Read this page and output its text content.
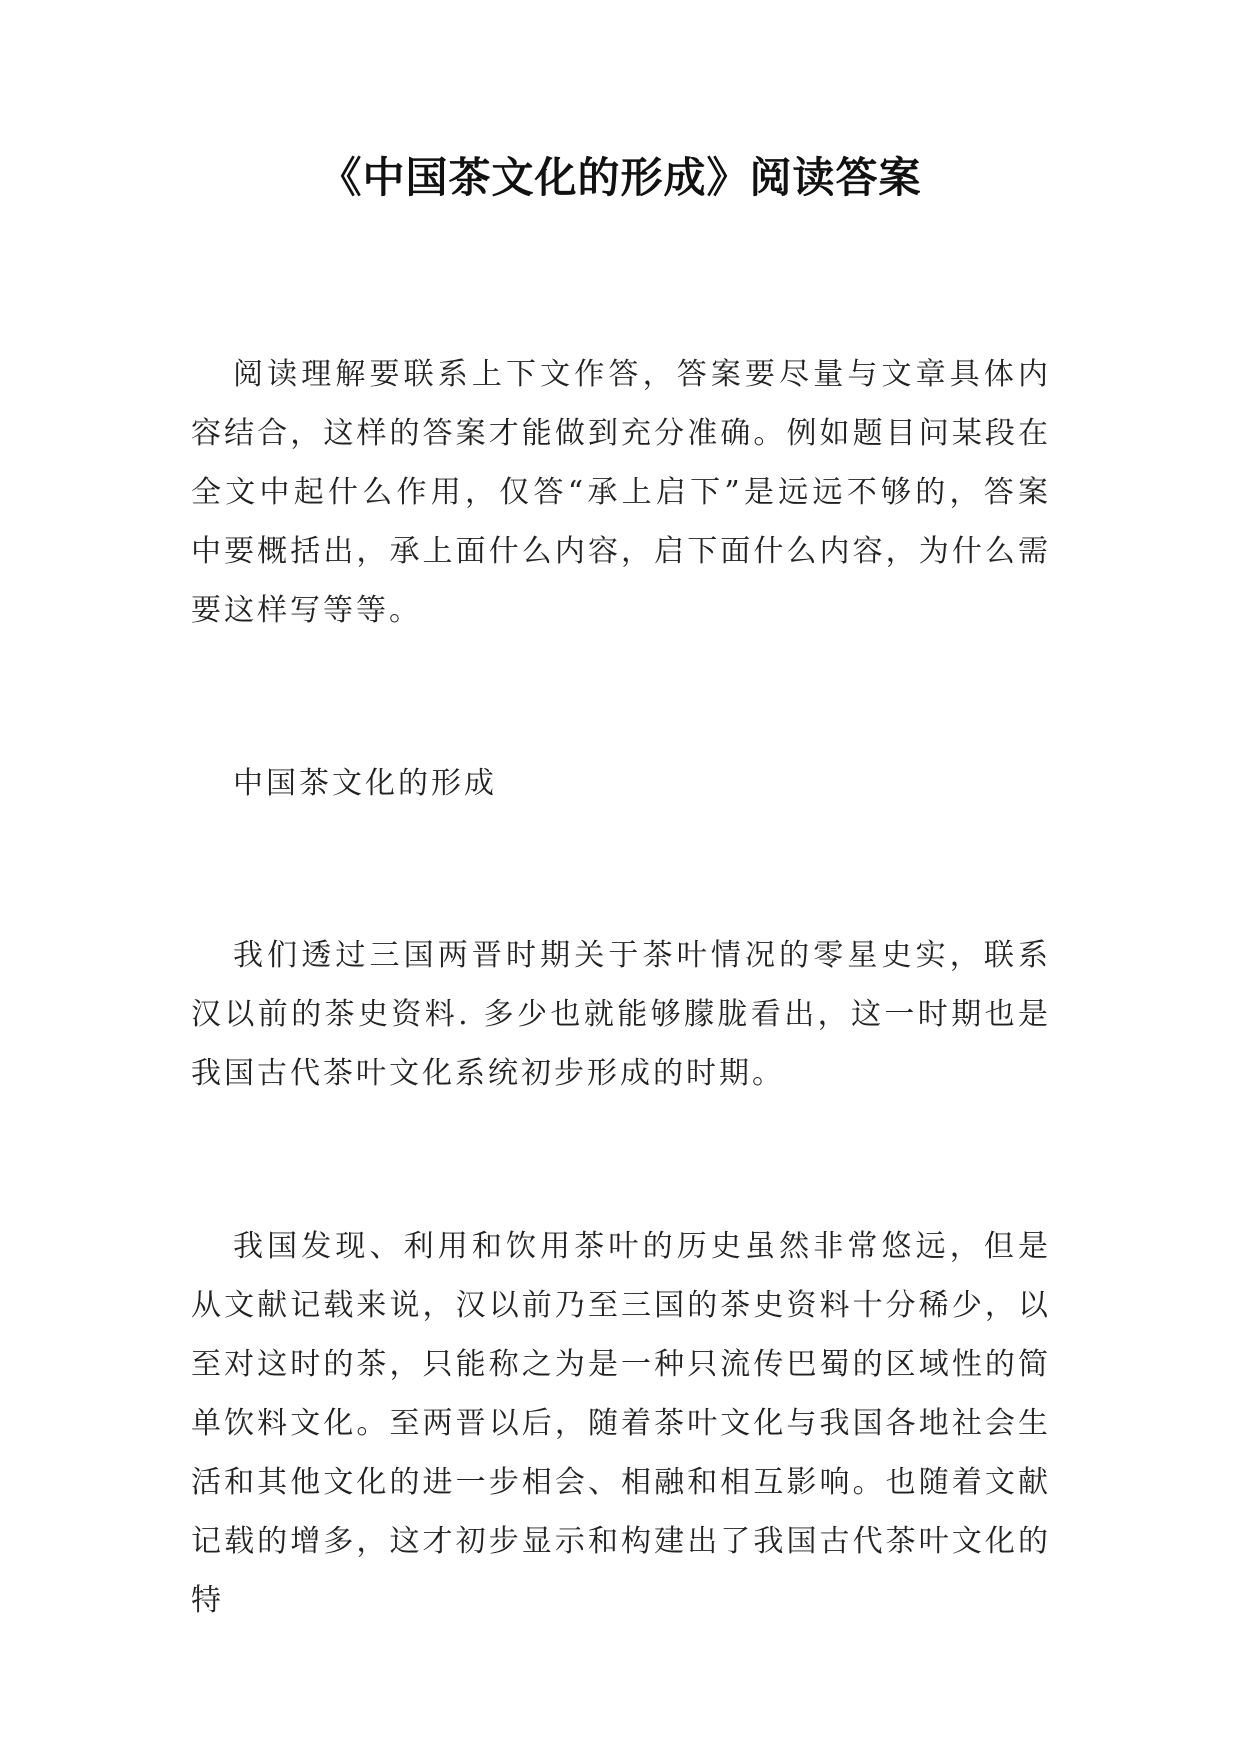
《中国茶文化的形成》阅读答案

阅读理解要联系上下文作答，答案要尽量与文章具体内容结合，这样的答案才能做到充分准确。例如题目问某段在全文中起什么作用，仅答“承上启下”是远远不够的，答案中要概括出，承上面什么内容，启下面什么内容，为什么需要这样写等等。

中国茶文化的形成

我们透过三国两晋时期关于茶叶情况的零星史实，联系汉以前的茶史资料. 多少也就能够朦胧看出，这一时期也是我国古代茶叶文化系统初步形成的时期。

我国发现、利用和饮用茶叶的历史虽然非常悠远，但是从文献记载来说，汉以前乃至三国的茶史资料十分稀少，以至对这时的茶，只能称之为是一种只流传巴蜀的区域性的简单饮料文化。至两晋以后，随着茶叶文化与我国各地社会生活和其他文化的进一步相会、相融和相互影响。也随着文献记载的增多，这才初步显示和构建出了我国古代茶叶文化的特
